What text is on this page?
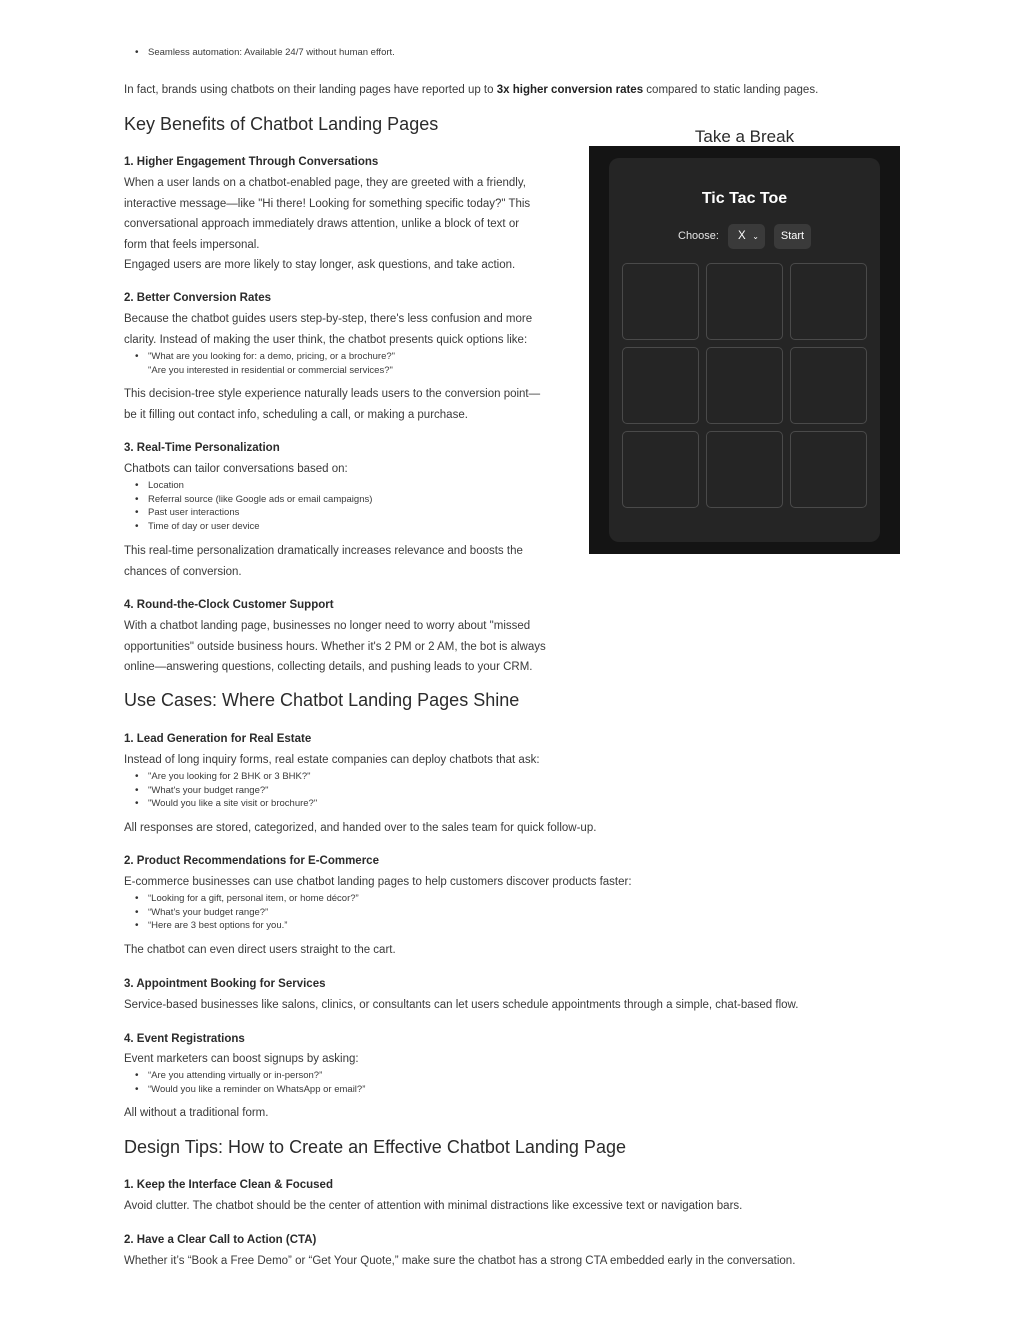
• Seamless automation: Available 24/7 without human effort.
In fact, brands using chatbots on their landing pages have reported up to 3x higher conversion rates compared to static landing pages.
Key Benefits of Chatbot Landing Pages
1. Higher Engagement Through Conversations
When a user lands on a chatbot-enabled page, they are greeted with a friendly,
interactive message—like "Hi there! Looking for something specific today?" This
conversational approach immediately draws attention, unlike a block of text or
form that feels impersonal.
Engaged users are more likely to stay longer, ask questions, and take action.
2. Better Conversion Rates
Because the chatbot guides users step-by-step, there's less confusion and more
clarity. Instead of making the user think, the chatbot presents quick options like:
• "What are you looking for: a demo, pricing, or a brochure?"
"Are you interested in residential or commercial services?"
This decision-tree style experience naturally leads users to the conversion point—
be it filling out contact info, scheduling a call, or making a purchase.
3. Real-Time Personalization
Chatbots can tailor conversations based on:
• Location
• Referral source (like Google ads or email campaigns)
• Past user interactions
• Time of day or user device
This real-time personalization dramatically increases relevance and boosts the
chances of conversion.
4. Round-the-Clock Customer Support
With a chatbot landing page, businesses no longer need to worry about "missed
opportunities" outside business hours. Whether it's 2 PM or 2 AM, the bot is always
online—answering questions, collecting details, and pushing leads to your CRM.
Use Cases: Where Chatbot Landing Pages Shine
1. Lead Generation for Real Estate
Instead of long inquiry forms, real estate companies can deploy chatbots that ask:
• "Are you looking for 2 BHK or 3 BHK?"
• "What's your budget range?"
• "Would you like a site visit or brochure?"
All responses are stored, categorized, and handed over to the sales team for quick follow-up.
2. Product Recommendations for E-Commerce
E-commerce businesses can use chatbot landing pages to help customers discover products faster:
• “Looking for a gift, personal item, or home décor?”
• “What’s your budget range?”
• “Here are 3 best options for you.”
The chatbot can even direct users straight to the cart.
3. Appointment Booking for Services
Service-based businesses like salons, clinics, or consultants can let users schedule appointments through a simple, chat-based flow.
4. Event Registrations
Event marketers can boost signups by asking:
• “Are you attending virtually or in-person?”
• “Would you like a reminder on WhatsApp or email?”
All without a traditional form.
Design Tips: How to Create an Effective Chatbot Landing Page
1. Keep the Interface Clean & Focused
Avoid clutter. The chatbot should be the center of attention with minimal distractions like excessive text or navigation bars.
2. Have a Clear Call to Action (CTA)
Whether it’s “Book a Free Demo” or “Get Your Quote,” make sure the chatbot has a strong CTA embedded early in the conversation.
Take a Break
Tic Tac Toe
Choose:	X ⌄	Start
